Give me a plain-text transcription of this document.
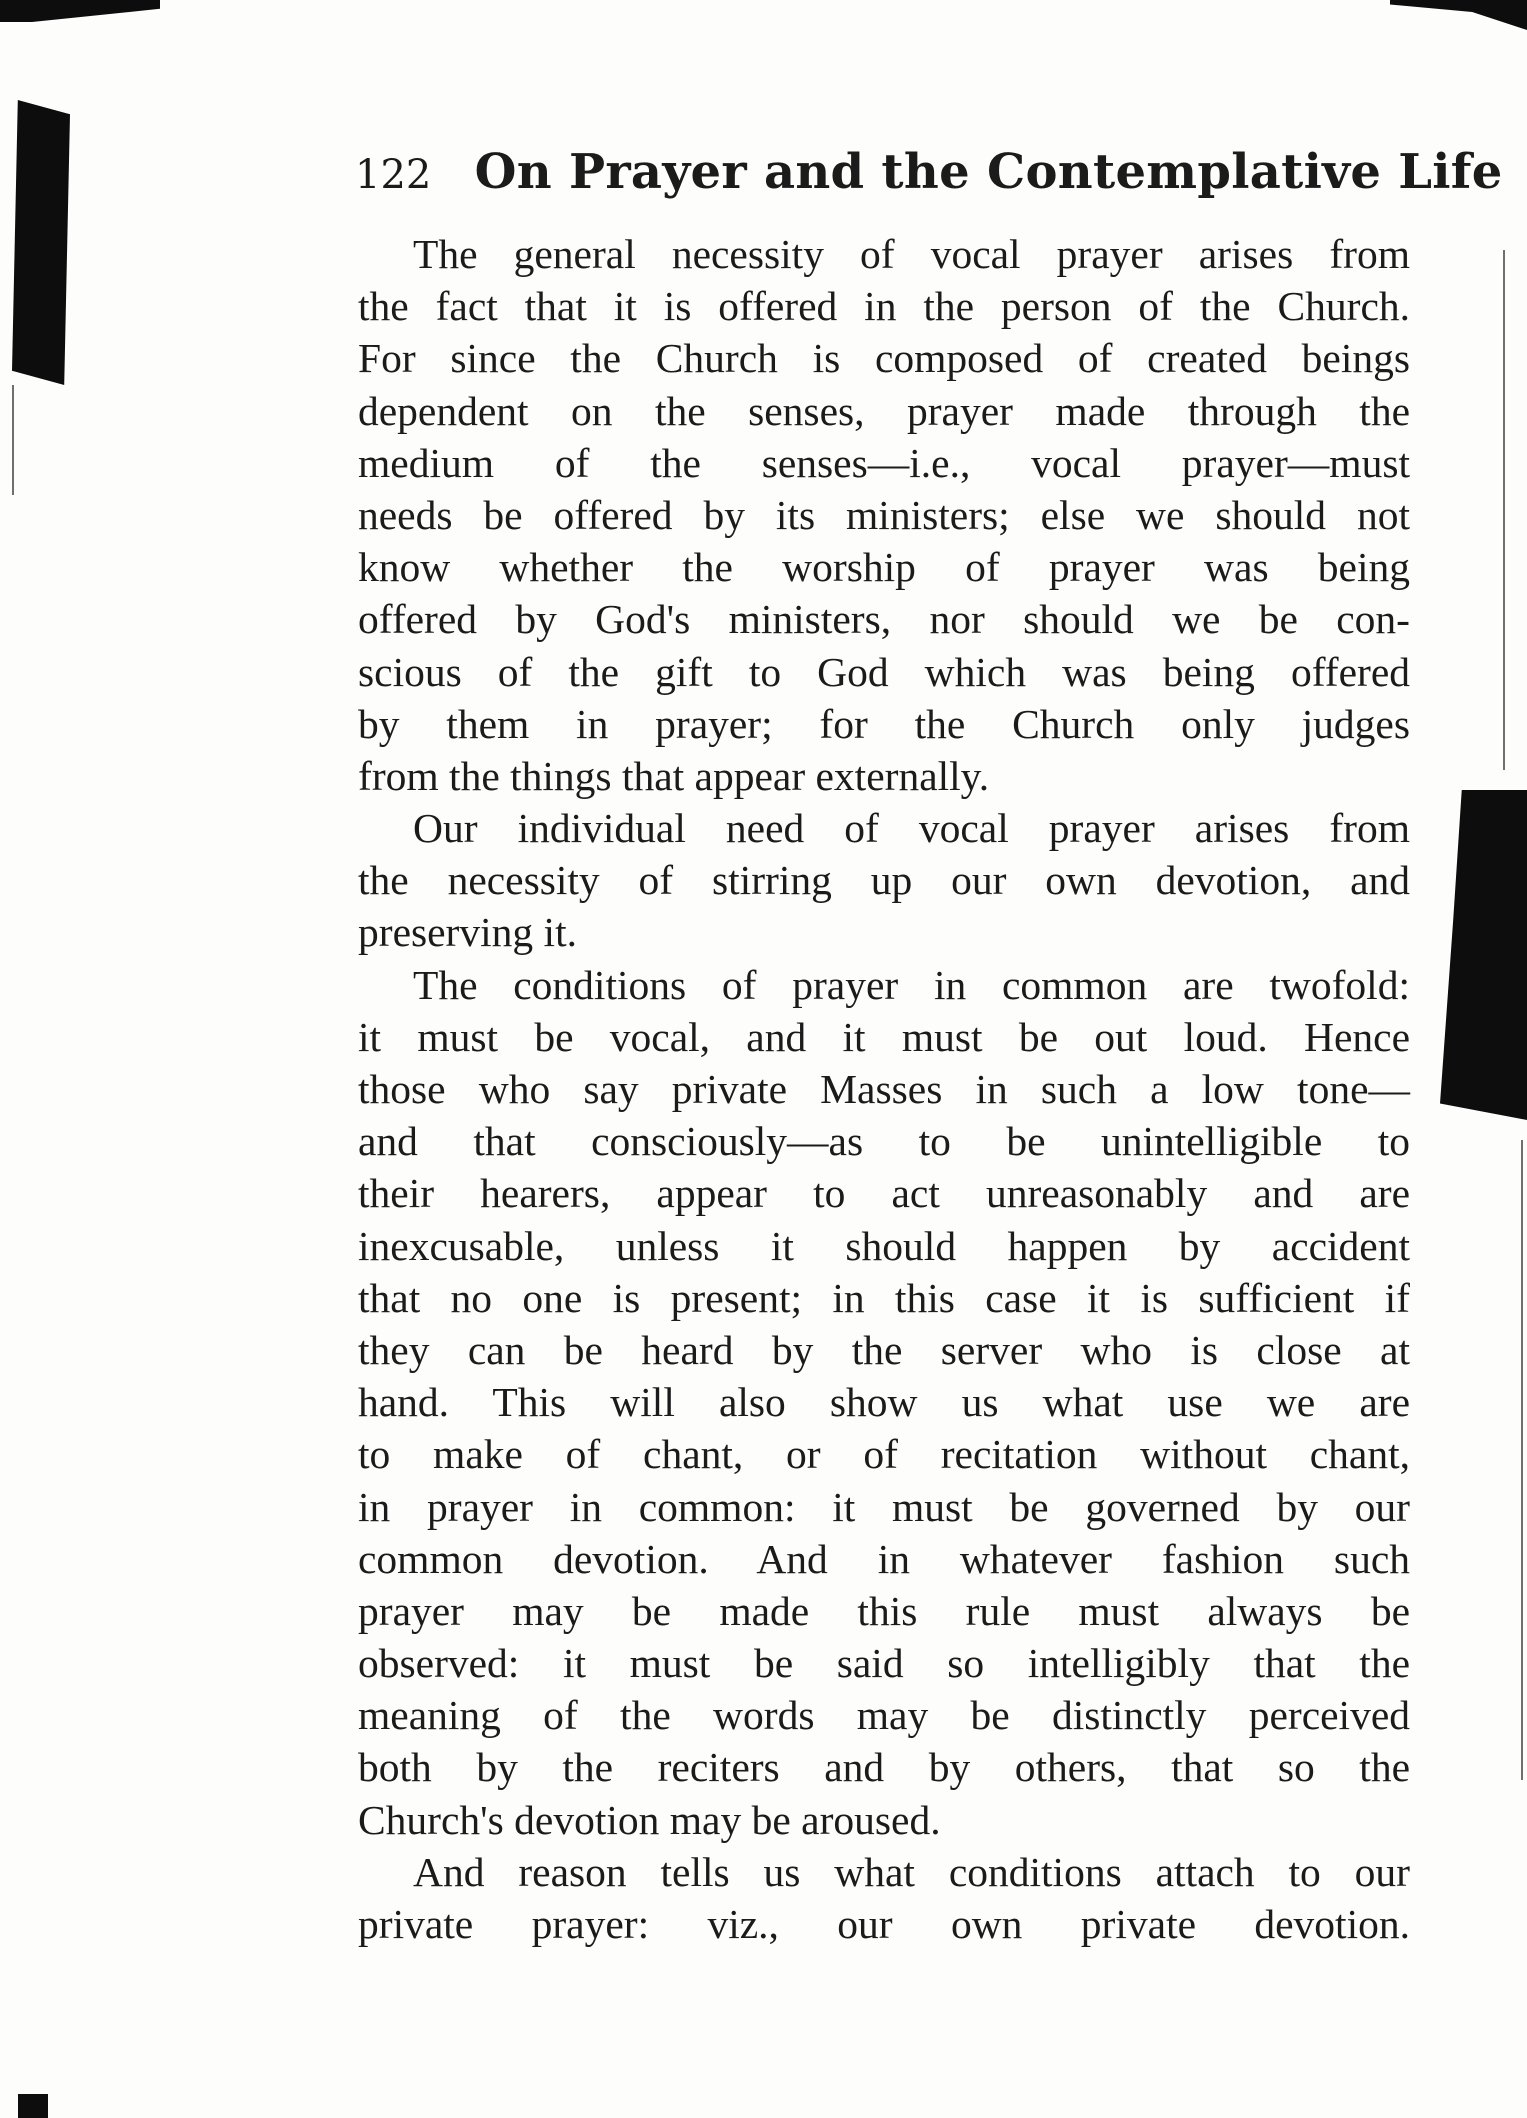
122 On Prayer and the Contemplative Life
The general necessity of vocal prayer arises from
the fact that it is offered in the person of the Church.
For since the Church is composed of created beings
dependent on the senses, prayer made through the
medium of the senses—i.e., vocal prayer—must
needs be offered by its ministers; else we should not
know whether the worship of prayer was being
offered by God's ministers, nor should we be con-
scious of the gift to God which was being offered
by them in prayer; for the Church only judges
from the things that appear externally.
Our individual need of vocal prayer arises from
the necessity of stirring up our own devotion, and
preserving it.
The conditions of prayer in common are twofold:
it must be vocal, and it must be out loud. Hence
those who say private Masses in such a low tone—
and that consciously—as to be unintelligible to
their hearers, appear to act unreasonably and are
inexcusable, unless it should happen by accident
that no one is present; in this case it is sufficient if
they can be heard by the server who is close at
hand. This will also show us what use we are
to make of chant, or of recitation without chant,
in prayer in common: it must be governed by our
common devotion. And in whatever fashion such
prayer may be made this rule must always be
observed: it must be said so intelligibly that the
meaning of the words may be distinctly perceived
both by the reciters and by others, that so the
Church's devotion may be aroused.
And reason tells us what conditions attach to our
private prayer: viz., our own private devotion.
